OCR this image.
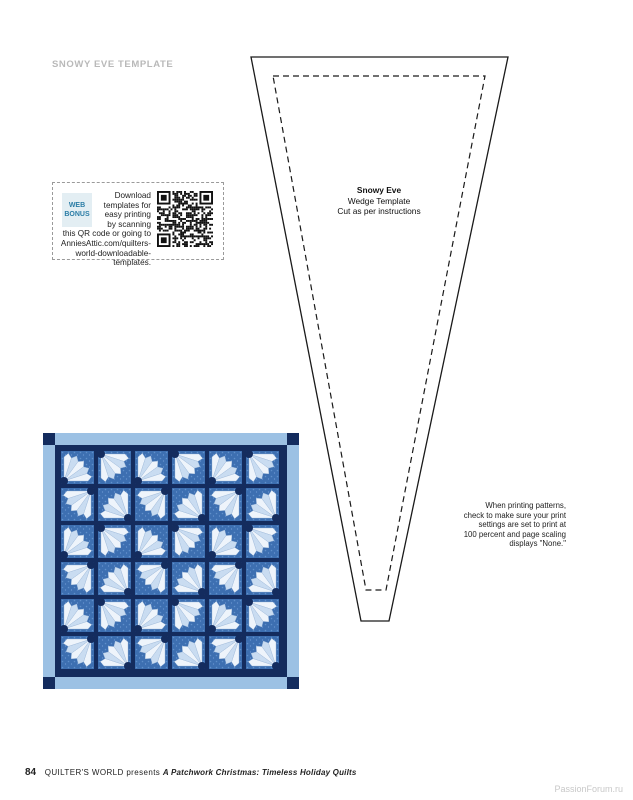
SNOWY EVE TEMPLATE
WEB
BONUS
Download
templates for
easy printing
by scanning
this QR code or going to
AnniesAttic.com/quilters-
world-downloadable-
templates.
Snowy Eve
Wedge Template
Cut as per instructions
When printing patterns,
check to make sure your print
settings are set to print at
100 percent and page scaling
displays "None."
84 QUILTER'S WORLD presents A Patchwork Christmas: Timeless Holiday Quilts
PassionForum.ru
